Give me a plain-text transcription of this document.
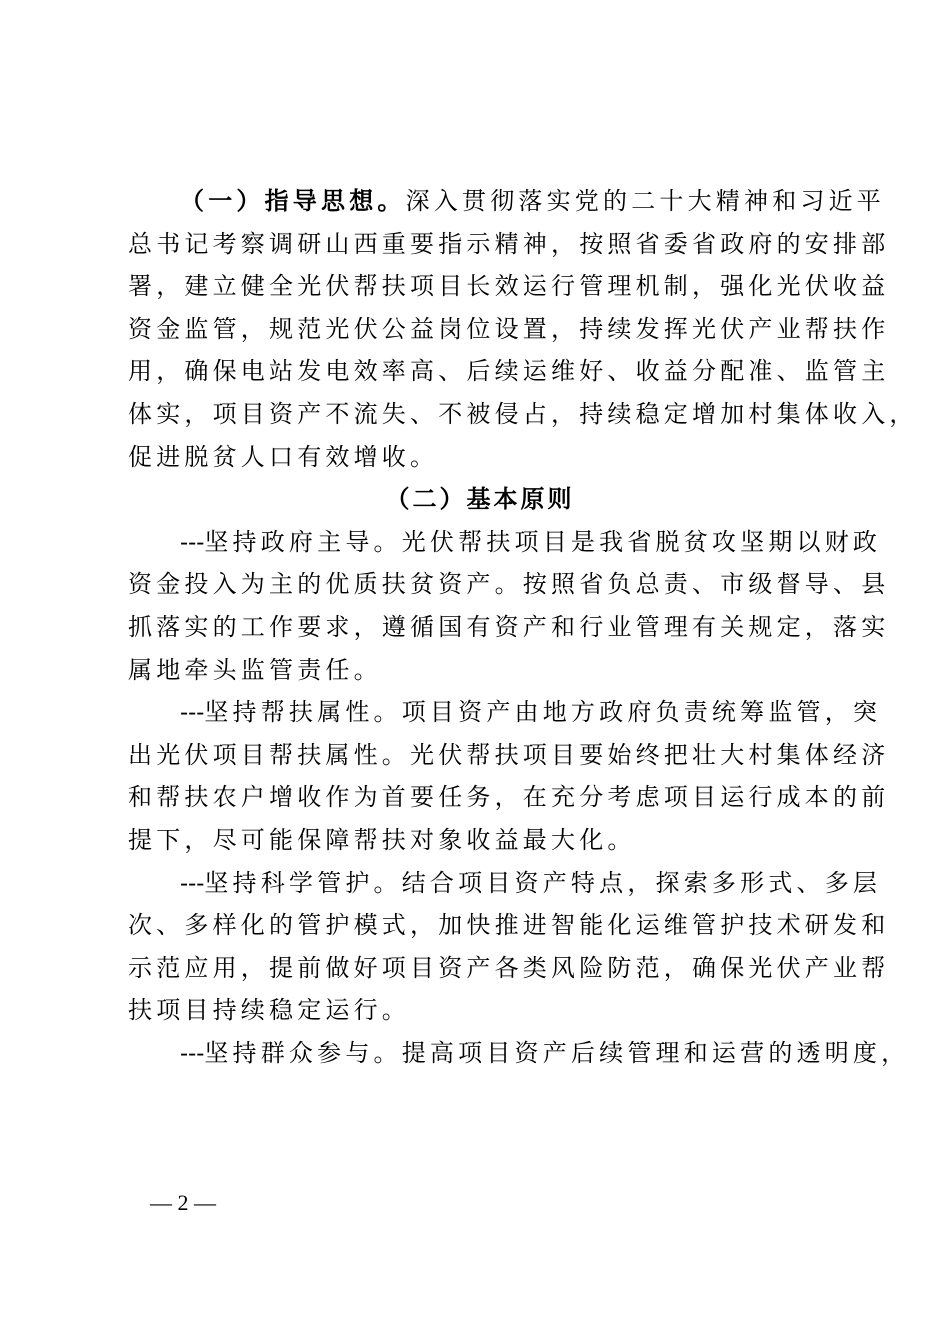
（一）指导思想。深入贯彻落实党的二十大精神和习近平
总书记考察调研山西重要指示精神，按照省委省政府的安排部
署，建立健全光伏帮扶项目长效运行管理机制，强化光伏收益
资金监管，规范光伏公益岗位设置，持续发挥光伏产业帮扶作
用，确保电站发电效率高、后续运维好、收益分配准、监管主
体实，项目资产不流失、不被侵占，持续稳定增加村集体收入，
促进脱贫人口有效增收。
（二）基本原则
---坚持政府主导。光伏帮扶项目是我省脱贫攻坚期以财政
资金投入为主的优质扶贫资产。按照省负总责、市级督导、县
抓落实的工作要求，遵循国有资产和行业管理有关规定，落实
属地牵头监管责任。
---坚持帮扶属性。项目资产由地方政府负责统筹监管，突
出光伏项目帮扶属性。光伏帮扶项目要始终把壮大村集体经济
和帮扶农户增收作为首要任务，在充分考虑项目运行成本的前
提下，尽可能保障帮扶对象收益最大化。
---坚持科学管护。结合项目资产特点，探索多形式、多层
次、多样化的管护模式，加快推进智能化运维管护技术研发和
示范应用，提前做好项目资产各类风险防范，确保光伏产业帮
扶项目持续稳定运行。
---坚持群众参与。提高项目资产后续管理和运营的透明度，
— 2 —
